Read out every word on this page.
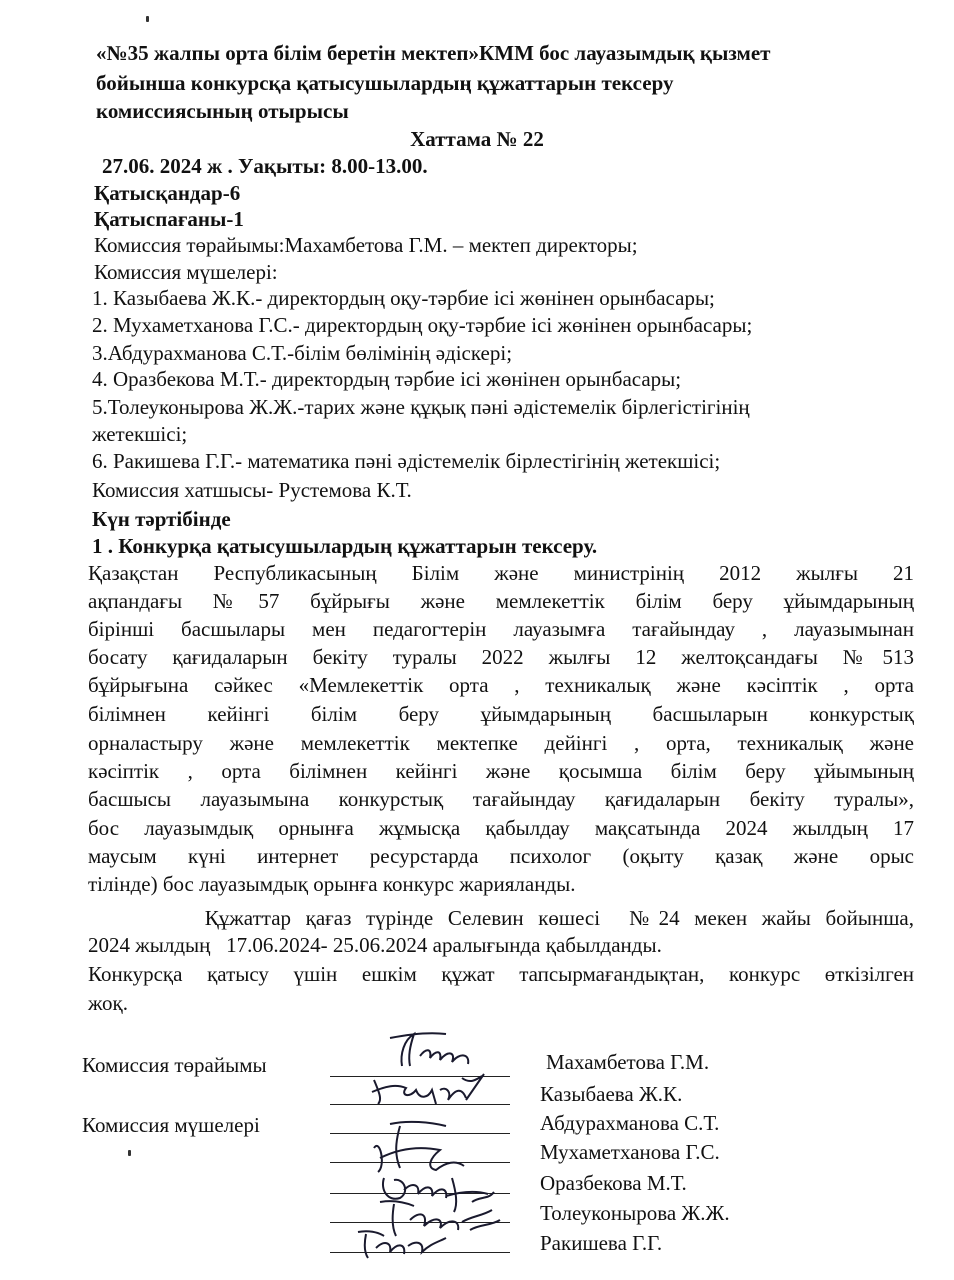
«№35 жалпы орта білім беретін мектеп»КММ бос лауазымдық қызмет
бойынша конкурсқа қатысушылардың құжаттарын тексеру
комиссиясының отырысы
Хаттама № 22
27.06. 2024 ж . Уақыты: 8.00-13.00.
Қатысқандар-6
Қатыспағаны-1
Комиссия төрайымы:Махамбетова Г.М. – мектеп директоры;
Комиссия мүшелері:
1. Казыбаева Ж.К.- директордың оқу-тәрбие ісі жөнінен орынбасары;
2. Мухаметханова Г.С.- директордың оқу-тәрбие ісі жөнінен орынбасары;
3.Абдурахманова С.Т.-білім бөлімінің әдіскері;
4. Оразбекова М.Т.- директордың тәрбие ісі жөнінен орынбасары;
5.Толеуконырова Ж.Ж.-тарих және құқық пәні әдістемелік бірлегістігінің
жетекшісі;
6. Ракишева Г.Г.- математика пәні әдістемелік бірлестігінің жетекшісі;
Комиссия хатшысы- Рустемова К.Т.
Күн тәртібінде
1 . Конкурқа қатысушылардың құжаттарын тексеру.
Қазақстан Республикасының Білім және министрінің 2012 жылғы 21
ақпандағы №57 бұйрығы және мемлекеттік білім беру ұйымдарының
бірінші басшылары мен педагогтерін лауазымға тағайындау , лауазымынан
босату қағидаларын бекіту туралы 2022 жылғы 12 желтоқсандағы №513
бұйрығына сәйкес «Мемлекеттік орта , техникалық және кәсіптік , орта
білімнен кейінгі білім беру ұйымдарының басшыларын конкурстық
орналастыру және мемлекеттік мектепке дейінгі , орта, техникалық және
кәсіптік , орта білімнен кейінгі және қосымша білім беру ұйымының
басшысы лауазымына конкурстық тағайындау қағидаларын бекіту туралы»,
бос лауазымдық орнынға жұмысқа қабылдау мақсатында 2024 жылдың 17
маусым күні интернет ресурстарда психолог (оқыту қазақ және орыс
тілінде) бос лауазымдық орынға конкурс жарияланды.
Құжаттар қағаз түрінде Селевин көшесі  №24 мекен жайы бойынша,
2024 жылдың   17.06.2024- 25.06.2024 аралығында қабылданды.
Конкурсқа қатысу үшін ешкім құжат тапсырмағандықтан, конкурс өткізілген
жоқ.
Комиссия төрайымы
Комиссия мүшелері
Махамбетова Г.М.
Казыбаева Ж.К.
Абдурахманова С.Т.
Мухаметханова Г.С.
Оразбекова М.Т.
Толеуконырова Ж.Ж.
Ракишева Г.Г.
